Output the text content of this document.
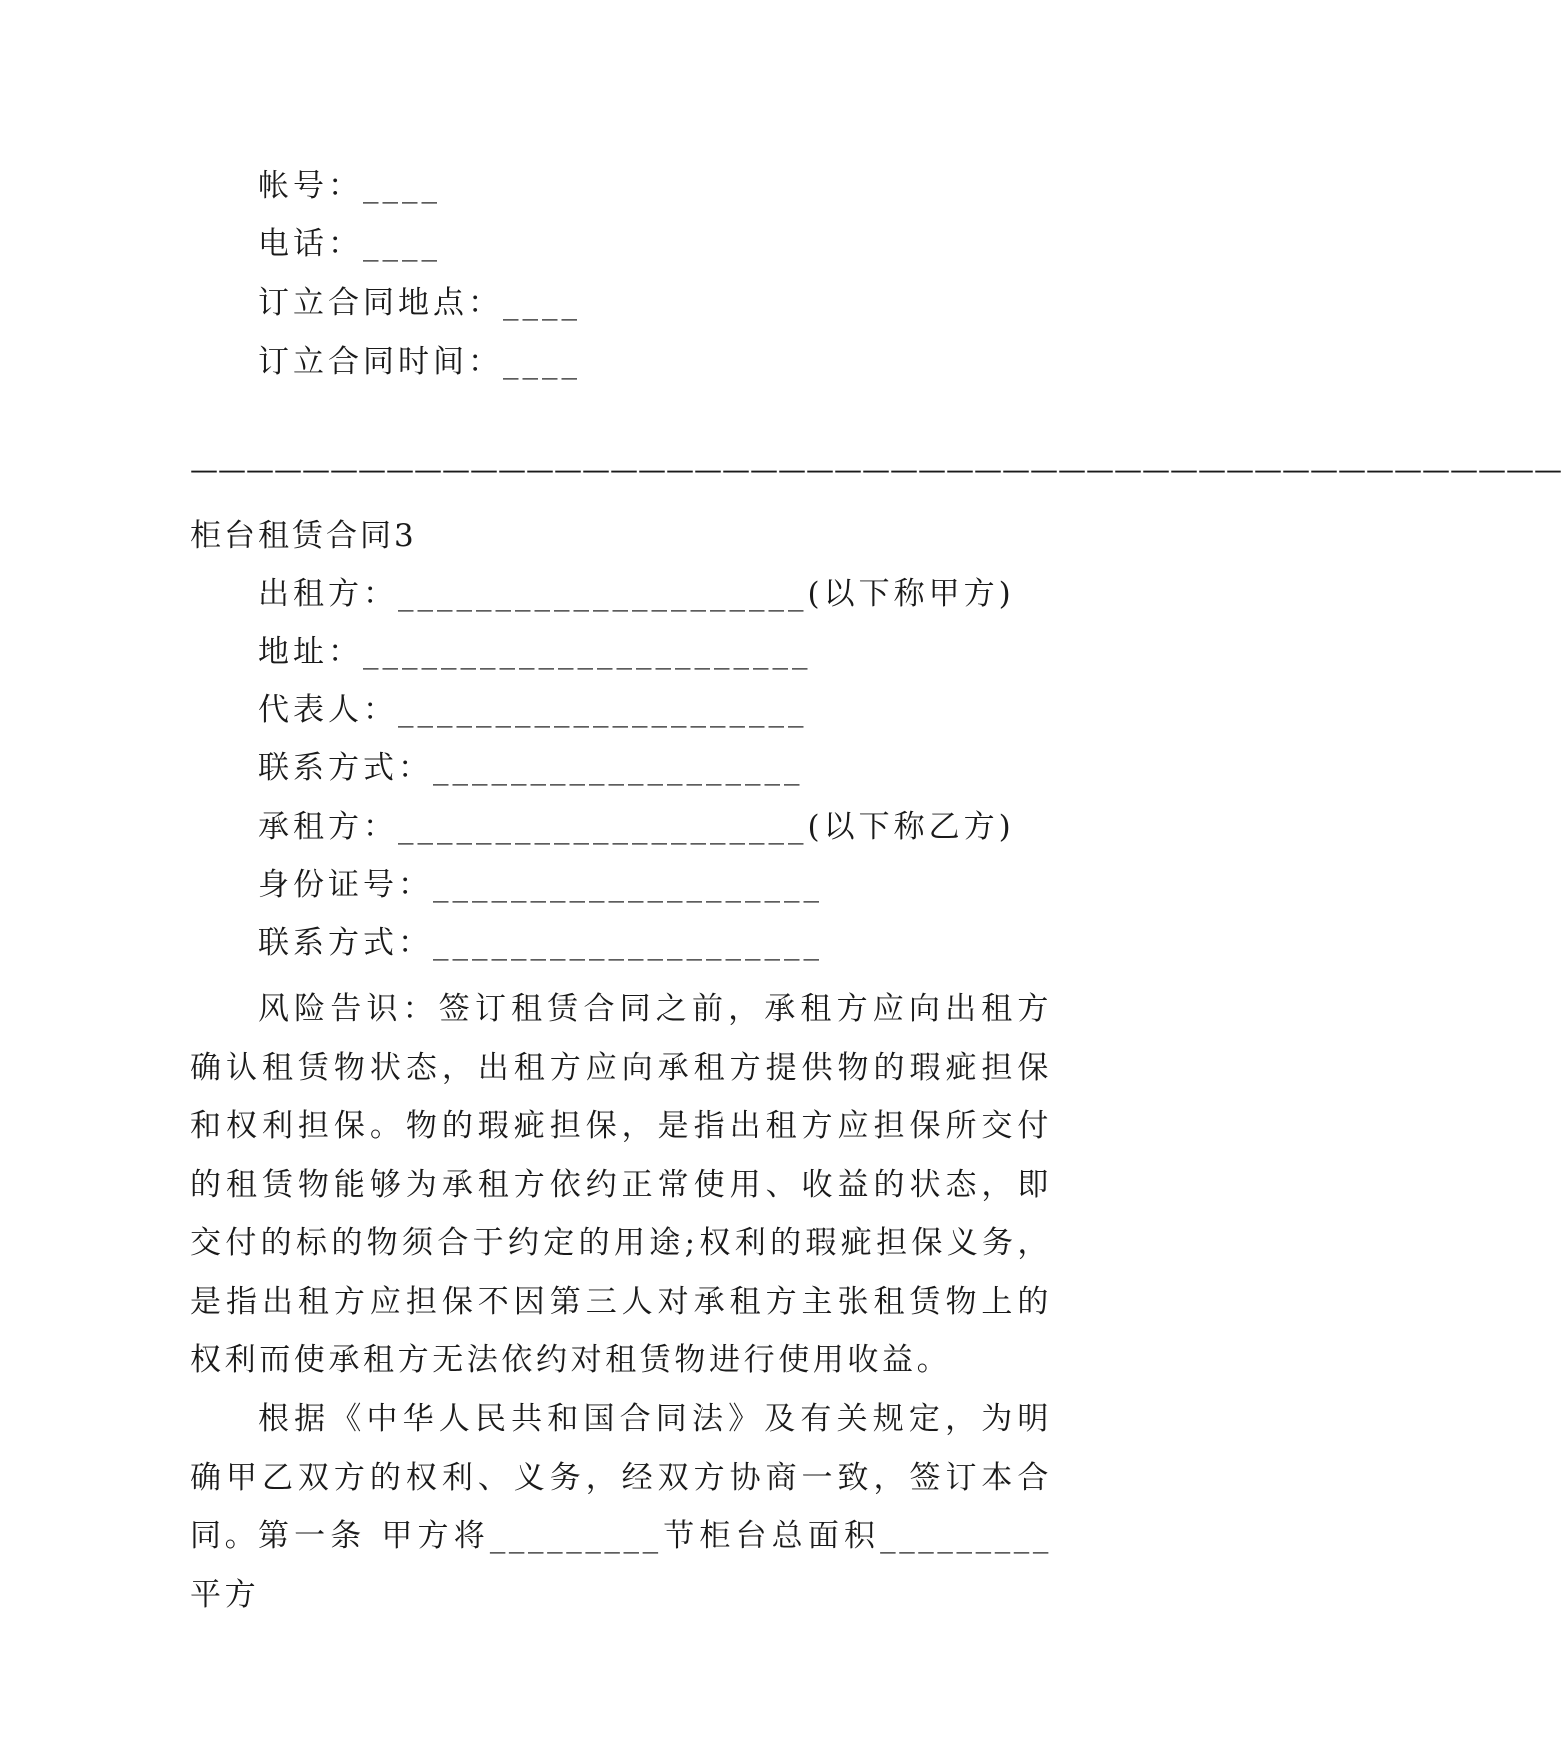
帐号：____

电话：____

订立合同地点：____

订立合同时间：____

—————————————————————————————————————————————————

柜台租赁合同3

出租方：_____________________(以下称甲方)

地址：_______________________

代表人：_____________________

联系方式：___________________

承租方：_____________________(以下称乙方)

身份证号：____________________

联系方式：____________________

风险告识：签订租赁合同之前，承租方应向出租方确认租赁物状态，出租方应向承租方提供物的瑕疵担保和权利担保。物的瑕疵担保，是指出租方应担保所交付的租赁物能够为承租方依约正常使用、收益的状态，即交付的标的物须合于约定的用途;权利的瑕疵担保义务，是指出租方应担保不因第三人对承租方主张租赁物上的权利而使承租方无法依约对租赁物进行使用收益。

根据《中华人民共和国合同法》及有关规定，为明确甲乙双方的权利、义务，经双方协商一致，签订本合同。

第一条 甲方将_________节柜台总面积_________平方
